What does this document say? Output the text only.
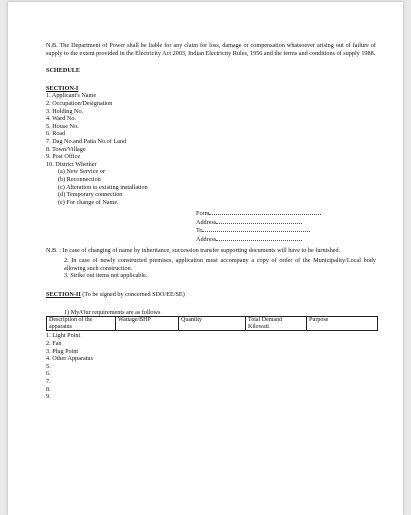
N.B. The Department of Power shall be liable for any claim for loss, damage or compensation whatsoever arising out of failure of supply to the extent provided in the Electricity Act 2003, Indian Electricity Rules, 1956 and the terms and conditions of supply 1988.
SCHEDULE
SECTION-I
1. Applicant's Name
2. Occupation/Designation
3. Holding No.
4. Ward No.
5. House No.
6. Road
7. Dag No.and Patta No.of Land
8. Town/Village
9. Post Office
10. District Whether
(a) New Service or
(b) Reconnection
(c) Alteration to existing installation
(d) Temporary connection
(e) For change of Name.
Form
Address
To
Address
N.B. : In case of changing of name by inheritance, succession transfer supporting documents will have to be furnished.
2. In case of newly constructed premises, application must accompany a copy of order of the Municipality/Local body allowing such construction.
3. Strike out items not applicable.
SECTION-II (To be signed by concerned SDO/EE/SE)
1) My/Our requirements are as follows
Description of the apparatus	Wattage/BHP	Quantity	Total Demand Kilowatt	Purpose
1. Light Point
2. Fan
3. Plug Point
4. Other Apparatus
5.
6.
7.
8.
9.
